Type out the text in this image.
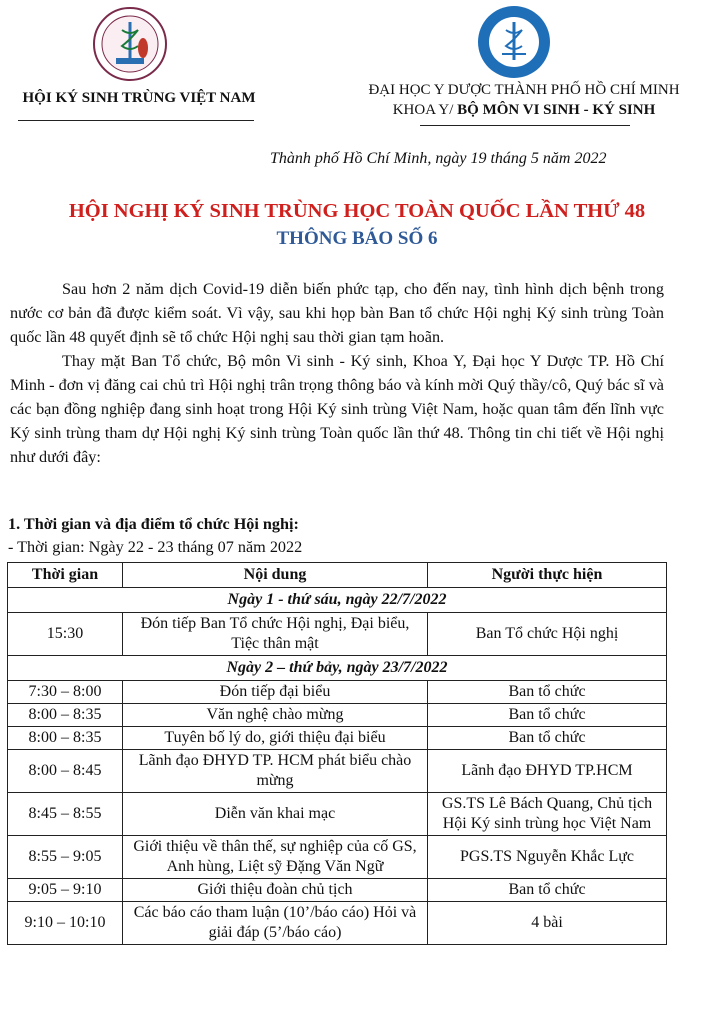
HỘI KÝ SINH TRÙNG VIỆT NAM	ĐẠI HỌC Y DƯỢC THÀNH PHỐ HỒ CHÍ MINH
KHOA Y/ BỘ MÔN VI SINH - KÝ SINH
Thành phố Hồ Chí Minh, ngày 19 tháng 5 năm 2022
HỘI NGHỊ KÝ SINH TRÙNG HỌC TOÀN QUỐC LẦN THỨ 48
THÔNG BÁO SỐ 6

Sau hơn 2 năm dịch Covid-19 diễn biến phức tạp, cho đến nay, tình hình dịch bệnh trong nước cơ bản đã được kiểm soát. Vì vậy, sau khi họp bàn Ban tổ chức Hội nghị Ký sinh trùng Toàn quốc lần 48 quyết định sẽ tổ chức Hội nghị sau thời gian tạm hoãn.

Thay mặt Ban Tổ chức, Bộ môn Vi sinh - Ký sinh, Khoa Y, Đại học Y Dược TP. Hồ Chí Minh - đơn vị đăng cai chủ trì Hội nghị trân trọng thông báo và kính mời Quý thầy/cô, Quý bác sĩ và các bạn đồng nghiệp đang sinh hoạt trong Hội Ký sinh trùng Việt Nam, hoặc quan tâm đến lĩnh vực Ký sinh trùng tham dự Hội nghị Ký sinh trùng Toàn quốc lần thứ 48. Thông tin chi tiết về Hội nghị như dưới đây:

1. Thời gian và địa điểm tổ chức Hội nghị:
- Thời gian: Ngày 22 - 23 tháng 07 năm 2022
Thời gian	Nội dung	Người thực hiện
Ngày 1 - thứ sáu, ngày 22/7/2022		
15:30	Đón tiếp Ban Tổ chức Hội nghị, Đại biểu, Tiệc thân mật	Ban Tổ chức Hội nghị
Ngày 2 – thứ bảy, ngày 23/7/2022		
7:30 – 8:00	Đón tiếp đại biểu	Ban tổ chức
8:00 – 8:35	Văn nghệ chào mừng	Ban tổ chức
8:00 – 8:35	Tuyên bố lý do, giới thiệu đại biểu	Ban tổ chức
8:00 – 8:45	Lãnh đạo ĐHYD TP. HCM phát biểu chào mừng	Lãnh đạo ĐHYD TP.HCM
8:45 – 8:55	Diễn văn khai mạc	GS.TS Lê Bách Quang, Chủ tịch Hội Ký sinh trùng học Việt Nam
8:55 – 9:05	Giới thiệu về thân thế, sự nghiệp của cố GS, Anh hùng, Liệt sỹ Đặng Văn Ngữ	PGS.TS Nguyễn Khắc Lực
9:05 – 9:10	Giới thiệu đoàn chủ tịch	Ban tổ chức
9:10 – 10:10	Các báo cáo tham luận (10’/báo cáo) Hỏi và giải đáp (5’/báo cáo)	4 bài
